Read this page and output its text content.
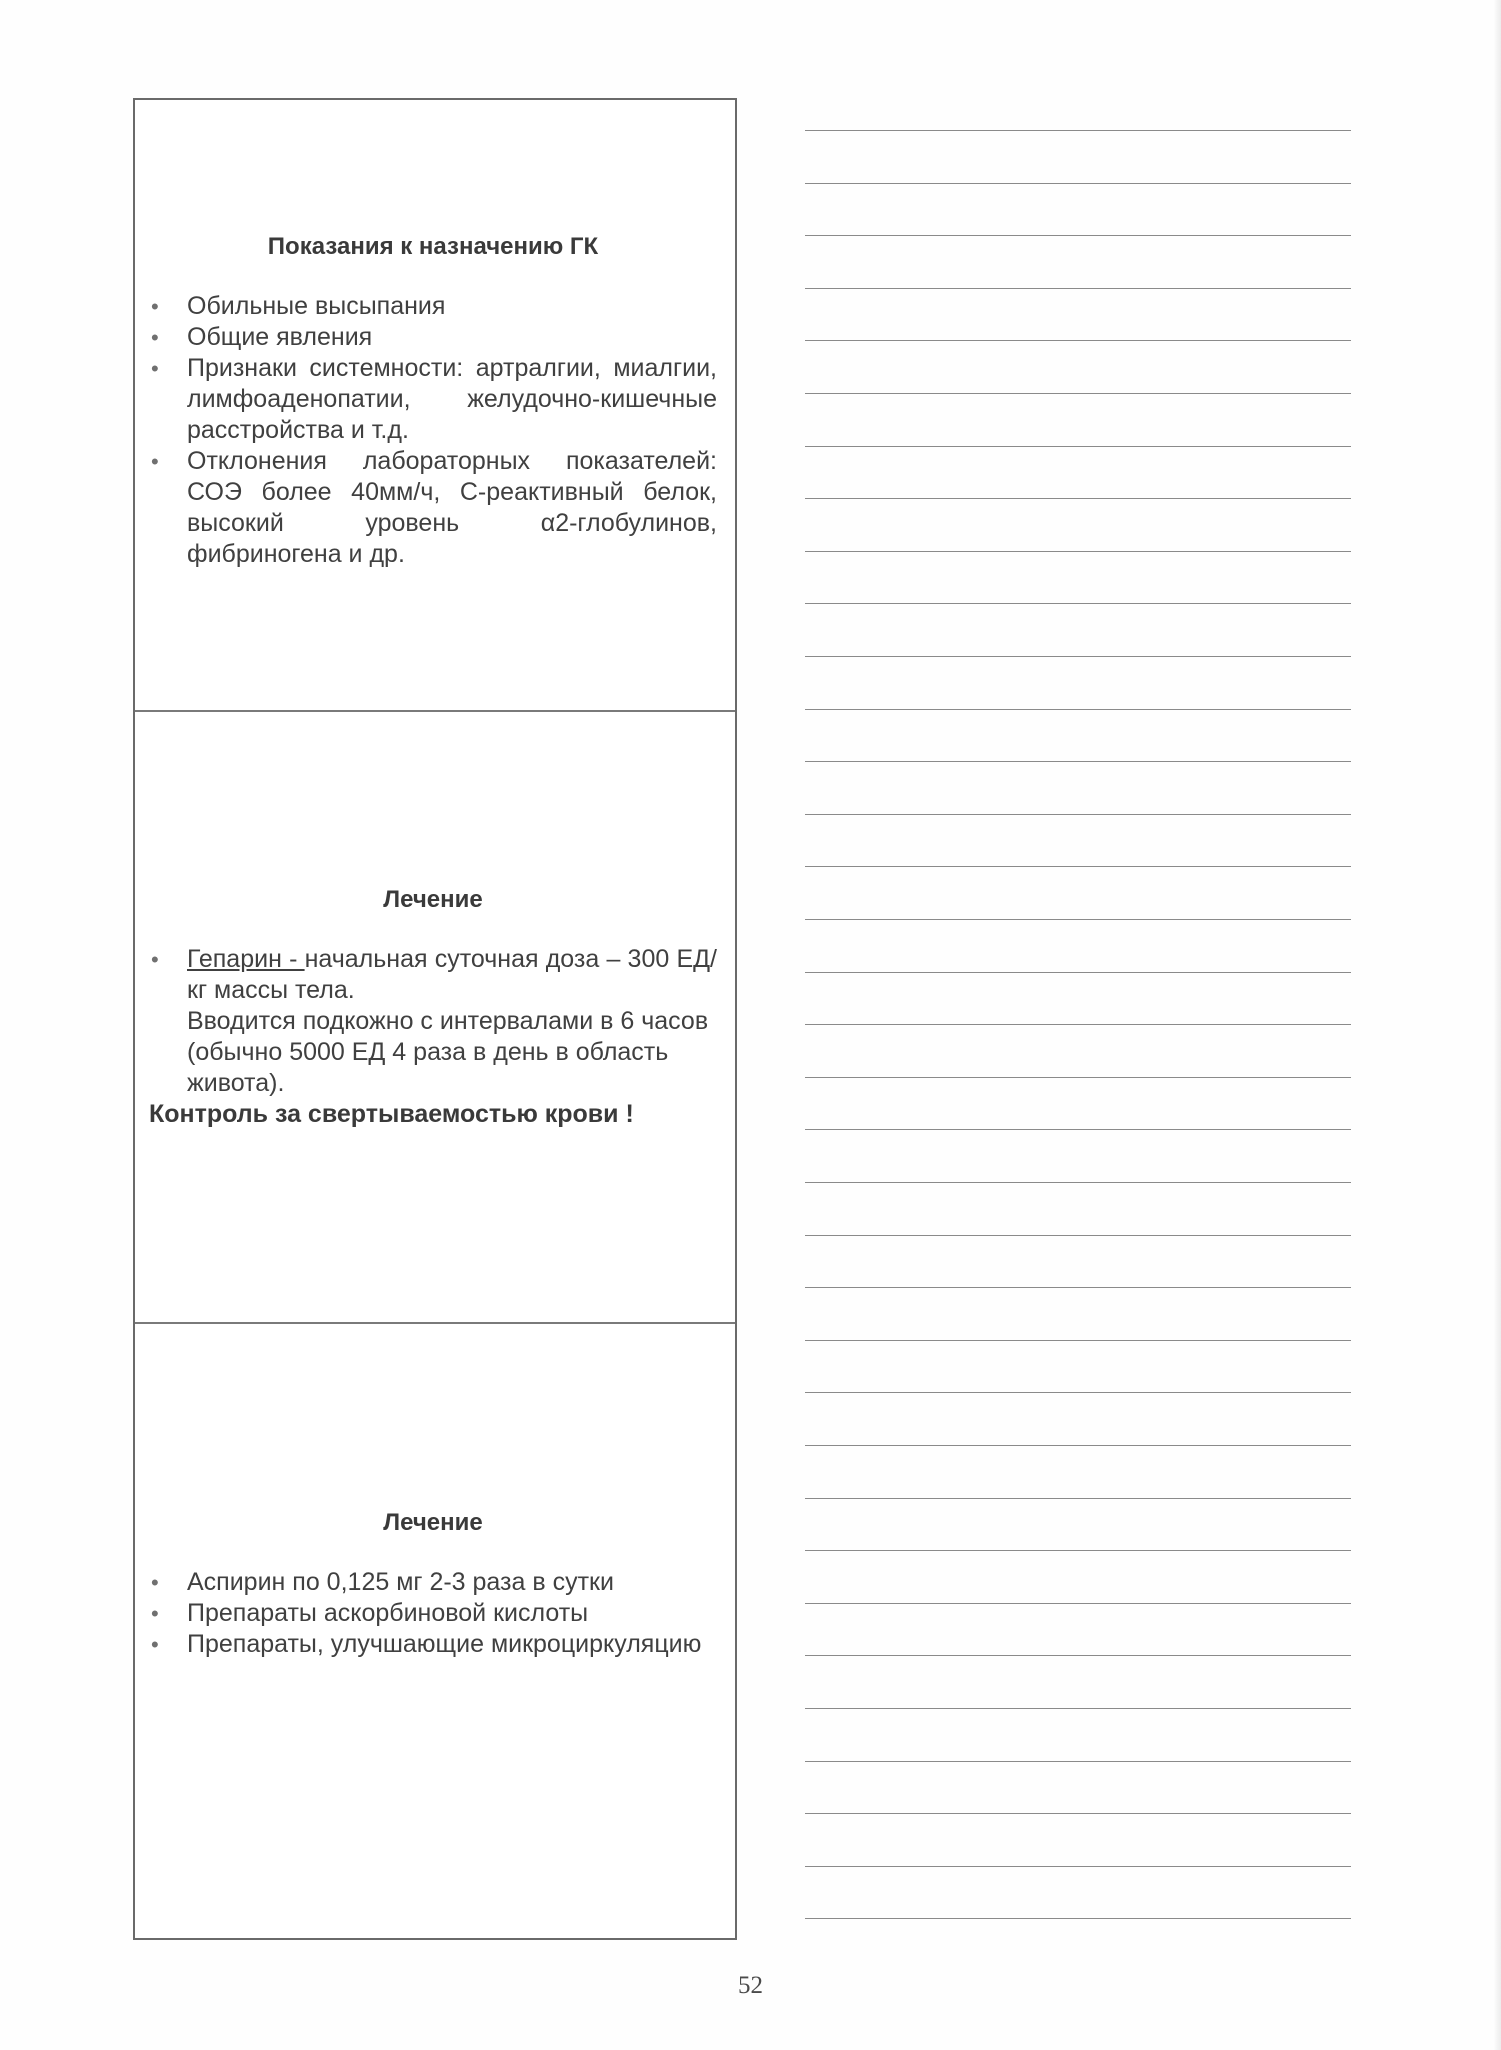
Показания к назначению ГК

• Обильные высыпания
• Общие явления
• Признаки системности: артралгии, миалгии, лимфоаденопатии, желудочно-кишечные расстройства и т.д.
• Отклонения лабораторных показателей: СОЭ более 40мм/ч, С-реактивный белок, высокий уровень α2-глобулинов, фибриногена и др.

Лечение

• Гепарин - начальная суточная доза – 300 ЕД/кг массы тела.
Вводится подкожно с интервалами в 6 часов (обычно 5000 ЕД 4 раза в день в область живота).

Контроль за свертываемостью крови !

Лечение

• Аспирин по 0,125 мг 2-3 раза в сутки
• Препараты аскорбиновой кислоты
• Препараты, улучшающие микроциркуляцию
52
